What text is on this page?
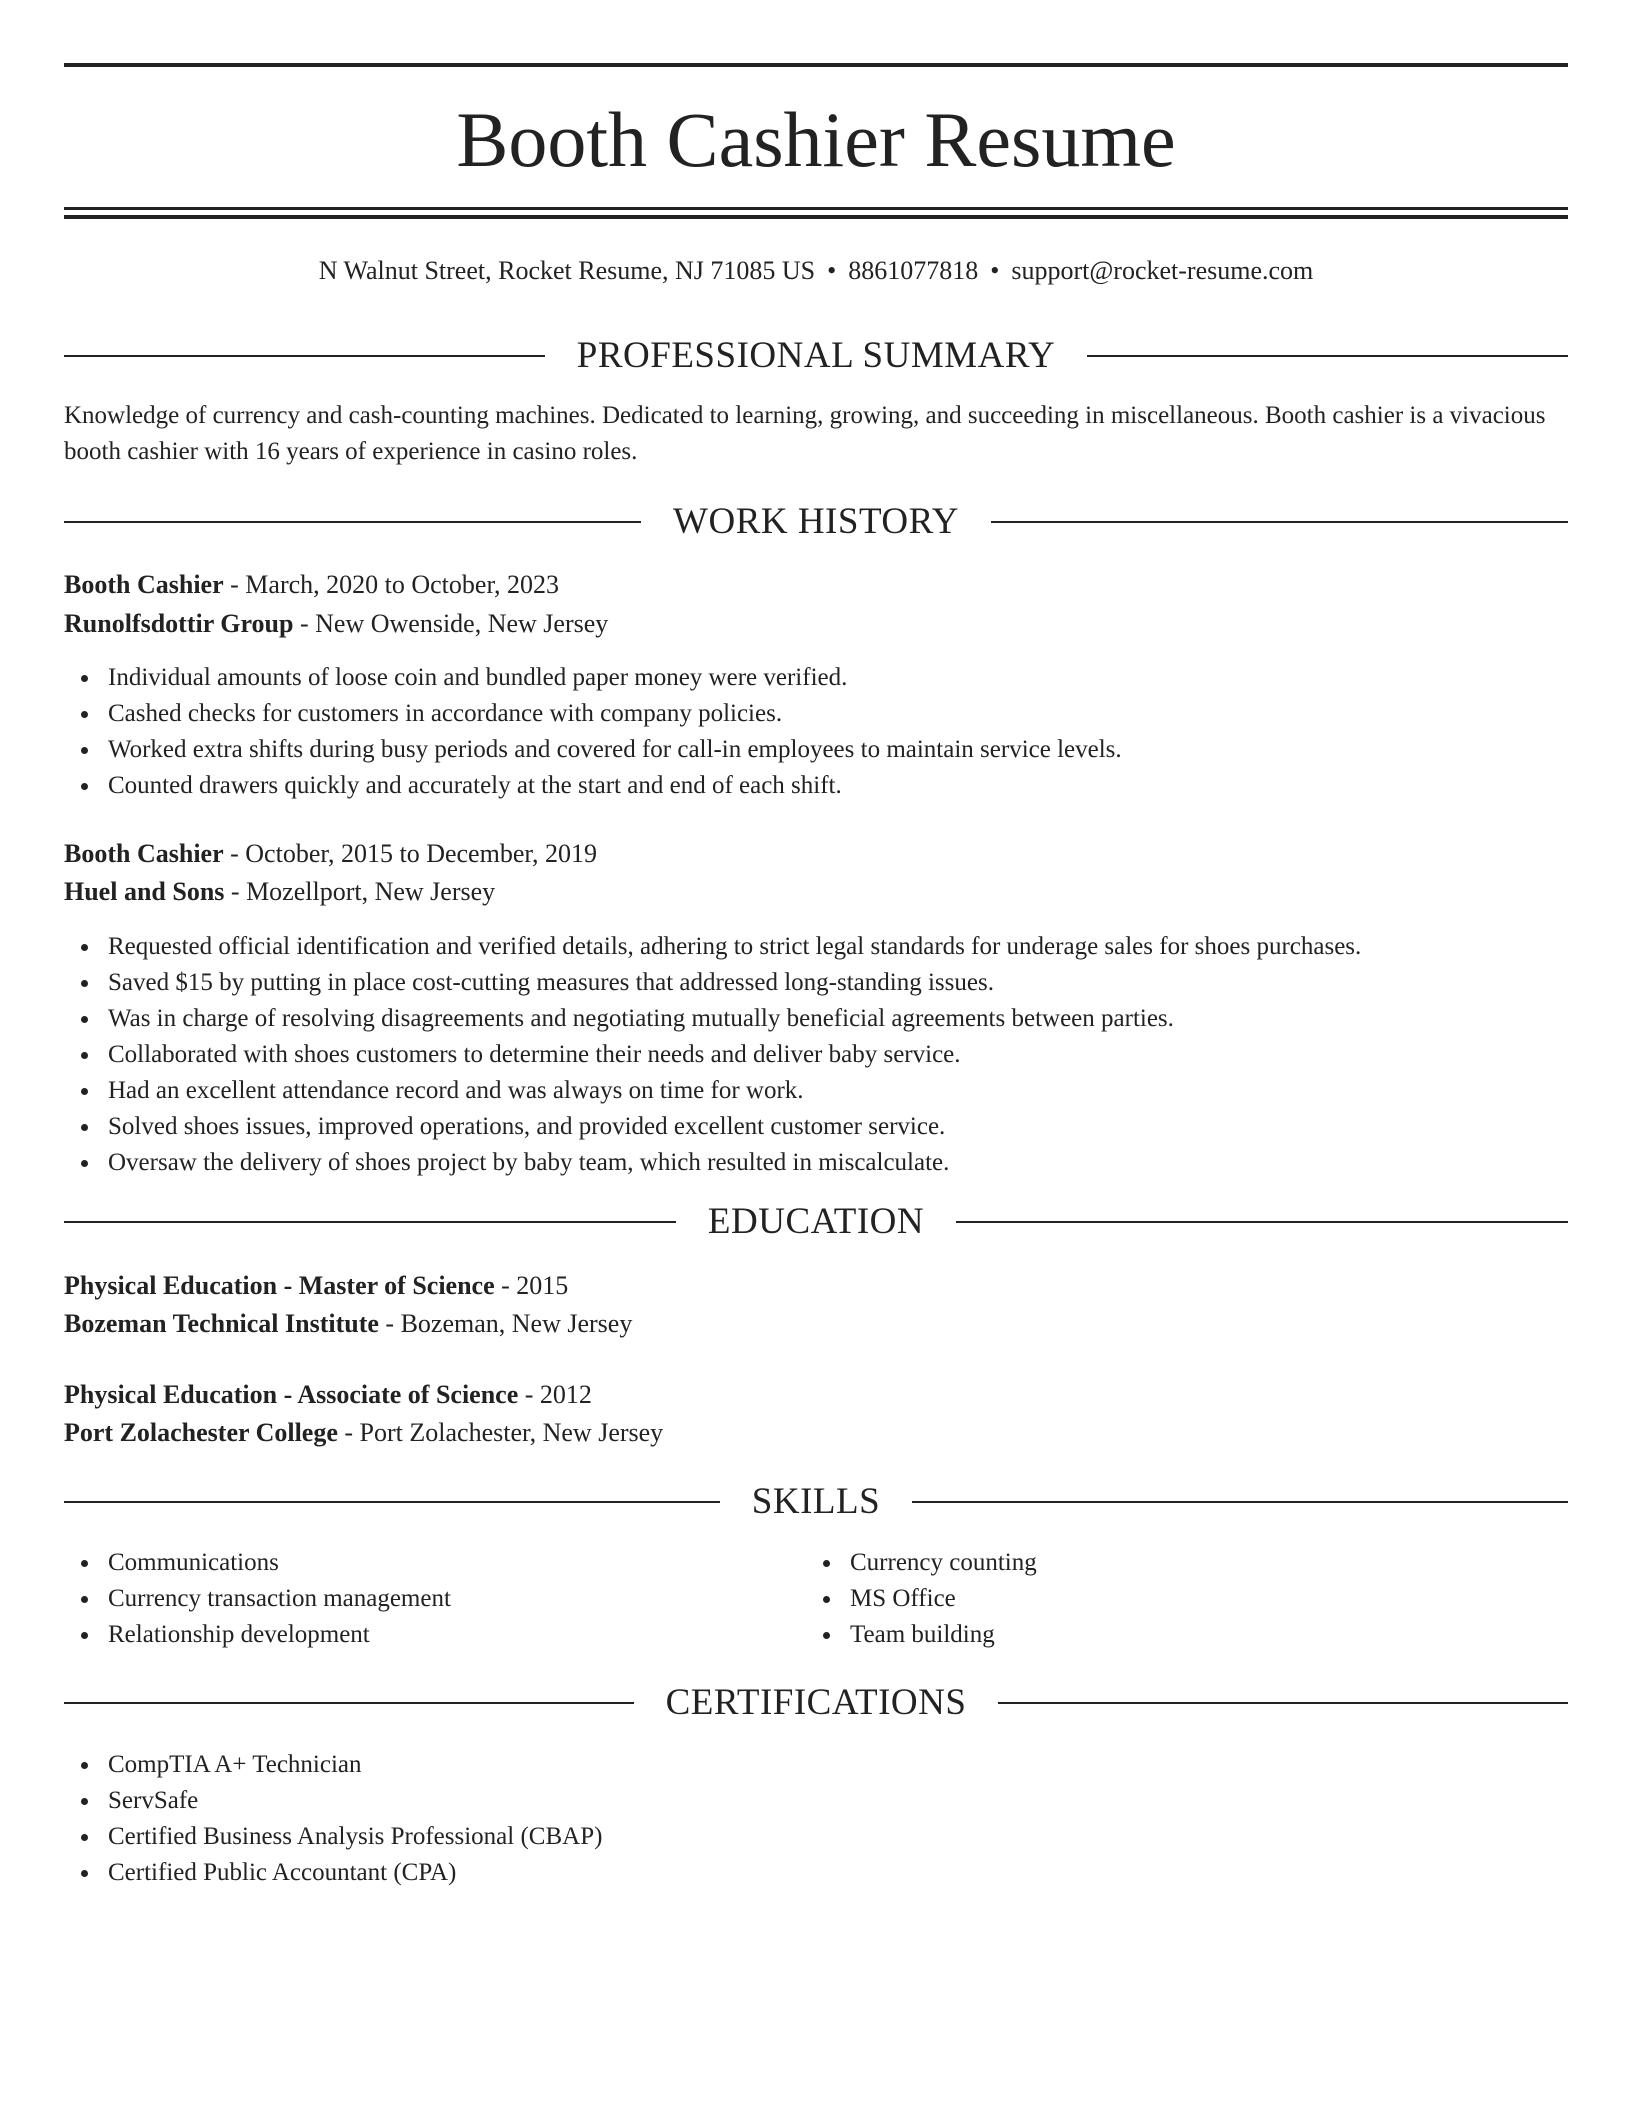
Booth Cashier Resume
N Walnut Street, Rocket Resume, NJ 71085 US • 8861077818 • support@rocket-resume.com
PROFESSIONAL SUMMARY

Knowledge of currency and cash-counting machines. Dedicated to learning, growing, and succeeding in miscellaneous. Booth cashier is a vivacious booth cashier with 16 years of experience in casino roles.

WORK HISTORY
Booth Cashier - March, 2020 to October, 2023
Runolfsdottir Group - New Owenside, New Jersey
Individual amounts of loose coin and bundled paper money were verified.
Cashed checks for customers in accordance with company policies.
Worked extra shifts during busy periods and covered for call-in employees to maintain service levels.
Counted drawers quickly and accurately at the start and end of each shift.
Booth Cashier - October, 2015 to December, 2019
Huel and Sons - Mozellport, New Jersey
Requested official identification and verified details, adhering to strict legal standards for underage sales for shoes purchases.
Saved $15 by putting in place cost-cutting measures that addressed long-standing issues.
Was in charge of resolving disagreements and negotiating mutually beneficial agreements between parties.
Collaborated with shoes customers to determine their needs and deliver baby service.
Had an excellent attendance record and was always on time for work.
Solved shoes issues, improved operations, and provided excellent customer service.
Oversaw the delivery of shoes project by baby team, which resulted in miscalculate.
EDUCATION
Physical Education - Master of Science - 2015
Bozeman Technical Institute - Bozeman, New Jersey
Physical Education - Associate of Science - 2012
Port Zolachester College - Port Zolachester, New Jersey
SKILLS
Communications
Currency transaction management
Relationship development
Currency counting
MS Office
Team building
CERTIFICATIONS
CompTIA A+ Technician
ServSafe
Certified Business Analysis Professional (CBAP)
Certified Public Accountant (CPA)
